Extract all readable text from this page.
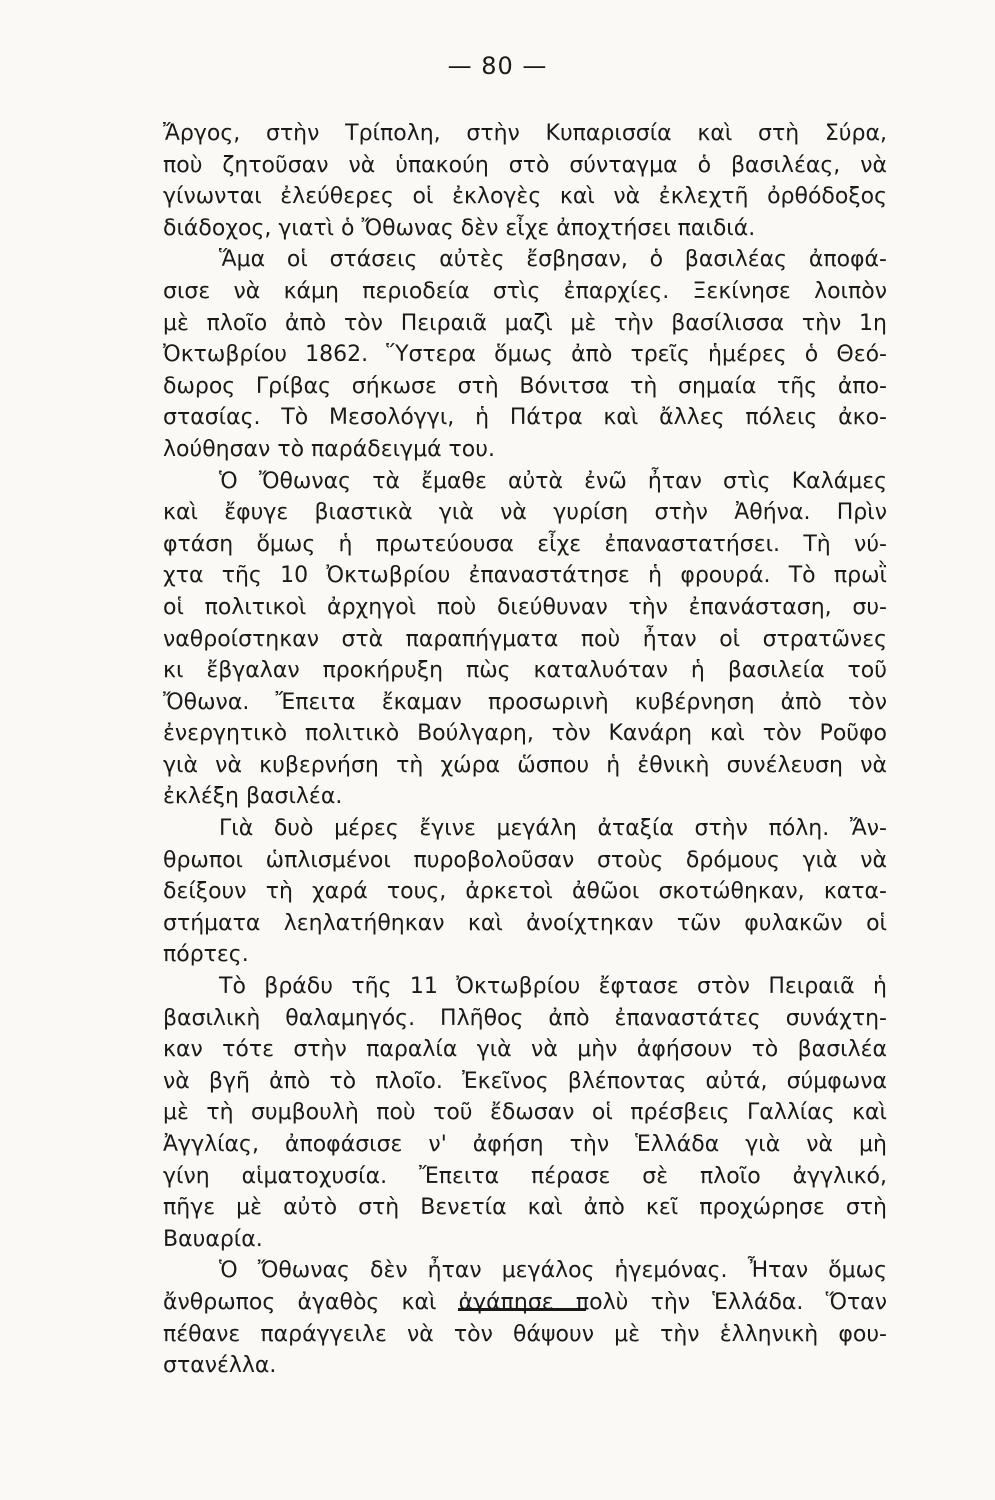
— 80 —
Ἄργος, στὴν Τρίπολη, στὴν Κυπαρισσία καὶ στὴ Σύρα,
ποὺ ζητοῦσαν νὰ ὑπακούη στὸ σύνταγμα ὁ βασιλέας, νὰ
γίνωνται ἐλεύθερες οἱ ἐκλογὲς καὶ νὰ ἐκλεχτῆ ὀρθόδοξος
διάδοχος, γιατὶ ὁ Ὄθωνας δὲν εἶχε ἀποχτήσει παιδιά.
Ἅμα οἱ στάσεις αὐτὲς ἔσβησαν, ὁ βασιλέας ἀποφά-
σισε νὰ κάμη περιοδεία στὶς ἐπαρχίες. Ξεκίνησε λοιπὸν
μὲ πλοῖο ἀπὸ τὸν Πειραιᾶ μαζὶ μὲ τὴν βασίλισσα τὴν 1η
Ὀκτωβρίου 1862. Ὕστερα ὅμως ἀπὸ τρεῖς ἡμέρες ὁ Θεό-
δωρος Γρίβας σήκωσε στὴ Βόνιτσα τὴ σημαία τῆς ἀπο-
στασίας. Τὸ Μεσολόγγι, ἡ Πάτρα καὶ ἄλλες πόλεις ἀκο-
λούθησαν τὸ παράδειγμά του.
Ὁ Ὄθωνας τὰ ἔμαθε αὐτὰ ἐνῶ ἦταν στὶς Καλάμες
καὶ ἔφυγε βιαστικὰ γιὰ νὰ γυρίση στὴν Ἀθήνα. Πρὶν
φτάση ὅμως ἡ πρωτεύουσα εἶχε ἐπαναστατήσει. Τὴ νύ-
χτα τῆς 10 Ὀκτωβρίου ἐπαναστάτησε ἡ φρουρά. Τὸ πρωῒ
οἱ πολιτικοὶ ἀρχηγοὶ ποὺ διεύθυναν τὴν ἐπανάσταση, συ-
ναθροίστηκαν στὰ παραπήγματα ποὺ ἦταν οἱ στρατῶνες
κι ἔβγαλαν προκήρυξη πὼς καταλυόταν ἡ βασιλεία τοῦ
Ὄθωνα. Ἔπειτα ἔκαμαν προσωρινὴ κυβέρνηση ἀπὸ τὸν
ἐνεργητικὸ πολιτικὸ Βούλγαρη, τὸν Κανάρη καὶ τὸν Ροῦφο
γιὰ νὰ κυβερνήση τὴ χώρα ὥσπου ἡ ἐθνικὴ συνέλευση νὰ
ἐκλέξη βασιλέα.
Γιὰ δυὸ μέρες ἔγινε μεγάλη ἀταξία στὴν πόλη. Ἄν-
θρωποι ὡπλισμένοι πυροβολοῦσαν στοὺς δρόμους γιὰ νὰ
δείξουν τὴ χαρά τους, ἀρκετοὶ ἀθῶοι σκοτώθηκαν, κατα-
στήματα λεηλατήθηκαν καὶ ἀνοίχτηκαν τῶν φυλακῶν οἱ
πόρτες.
Τὸ βράδυ τῆς 11 Ὀκτωβρίου ἔφτασε στὸν Πειραιᾶ ἡ
βασιλικὴ θαλαμηγός. Πλῆθος ἀπὸ ἐπαναστάτες συνάχτη-
καν τότε στὴν παραλία γιὰ νὰ μὴν ἀφήσουν τὸ βασιλέα
νὰ βγῆ ἀπὸ τὸ πλοῖο. Ἐκεῖνος βλέποντας αὐτά, σύμφωνα
μὲ τὴ συμβουλὴ ποὺ τοῦ ἔδωσαν οἱ πρέσβεις Γαλλίας καὶ
Ἀγγλίας, ἀποφάσισε ν' ἀφήση τὴν Ἑλλάδα γιὰ νὰ μὴ
γίνη αἱματοχυσία. Ἔπειτα πέρασε σὲ πλοῖο ἀγγλικό,
πῆγε μὲ αὐτὸ στὴ Βενετία καὶ ἀπὸ κεῖ προχώρησε στὴ
Βαυαρία.
Ὁ Ὄθωνας δὲν ἦταν μεγάλος ἡγεμόνας. Ἦταν ὅμως
ἄνθρωπος ἀγαθὸς καὶ ἀγάπησε πολὺ τὴν Ἑλλάδα. Ὅταν
πέθανε παράγγειλε νὰ τὸν θάψουν μὲ τὴν ἑλληνικὴ φου-
στανέλλα.
